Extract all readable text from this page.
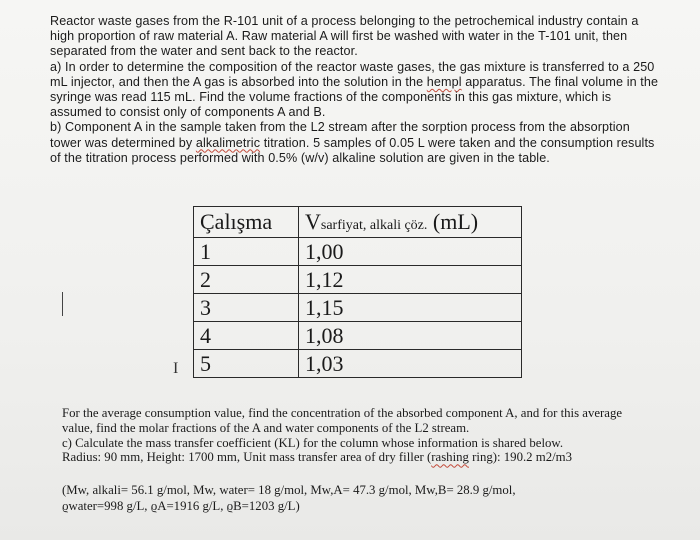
Reactor waste gases from the R-101 unit of a process belonging to the petrochemical industry contain a high proportion of raw material A. Raw material A will first be washed with water in the T-101 unit, then separated from the water and sent back to the reactor.

a) In order to determine the composition of the reactor waste gases, the gas mixture is transferred to a 250 mL injector, and then the A gas is absorbed into the solution in the hempl apparatus. The final volume in the syringe was read 115 mL. Find the volume fractions of the components in this gas mixture, which is assumed to consist only of components A and B.

b) Component A in the sample taken from the L2 stream after the sorption process from the absorption tower was determined by alkalimetric titration. 5 samples of 0.05 L were taken and the consumption results of the titration process performed with 0.5% (w/v) alkaline solution are given in the table.

Çalışma	Vsarfiyat, alkali çöz. (mL)
1	1,00
2	1,12
3	1,15
4	1,08
5	1,03
I

For the average consumption value, find the concentration of the absorbed component A, and for this average value, find the molar fractions of the A and water components of the L2 stream.

c) Calculate the mass transfer coefficient (KL) for the column whose information is shared below.

Radius: 90 mm, Height: 1700 mm, Unit mass transfer area of dry filler (rashing ring): 190.2 m2/m3

(Mw, alkali= 56.1 g/mol, Mw, water= 18 g/mol, Mw,A= 47.3 g/mol, Mw,B= 28.9 g/mol,

ϱwater=998 g/L, ϱA=1916 g/L, ϱB=1203 g/L)
